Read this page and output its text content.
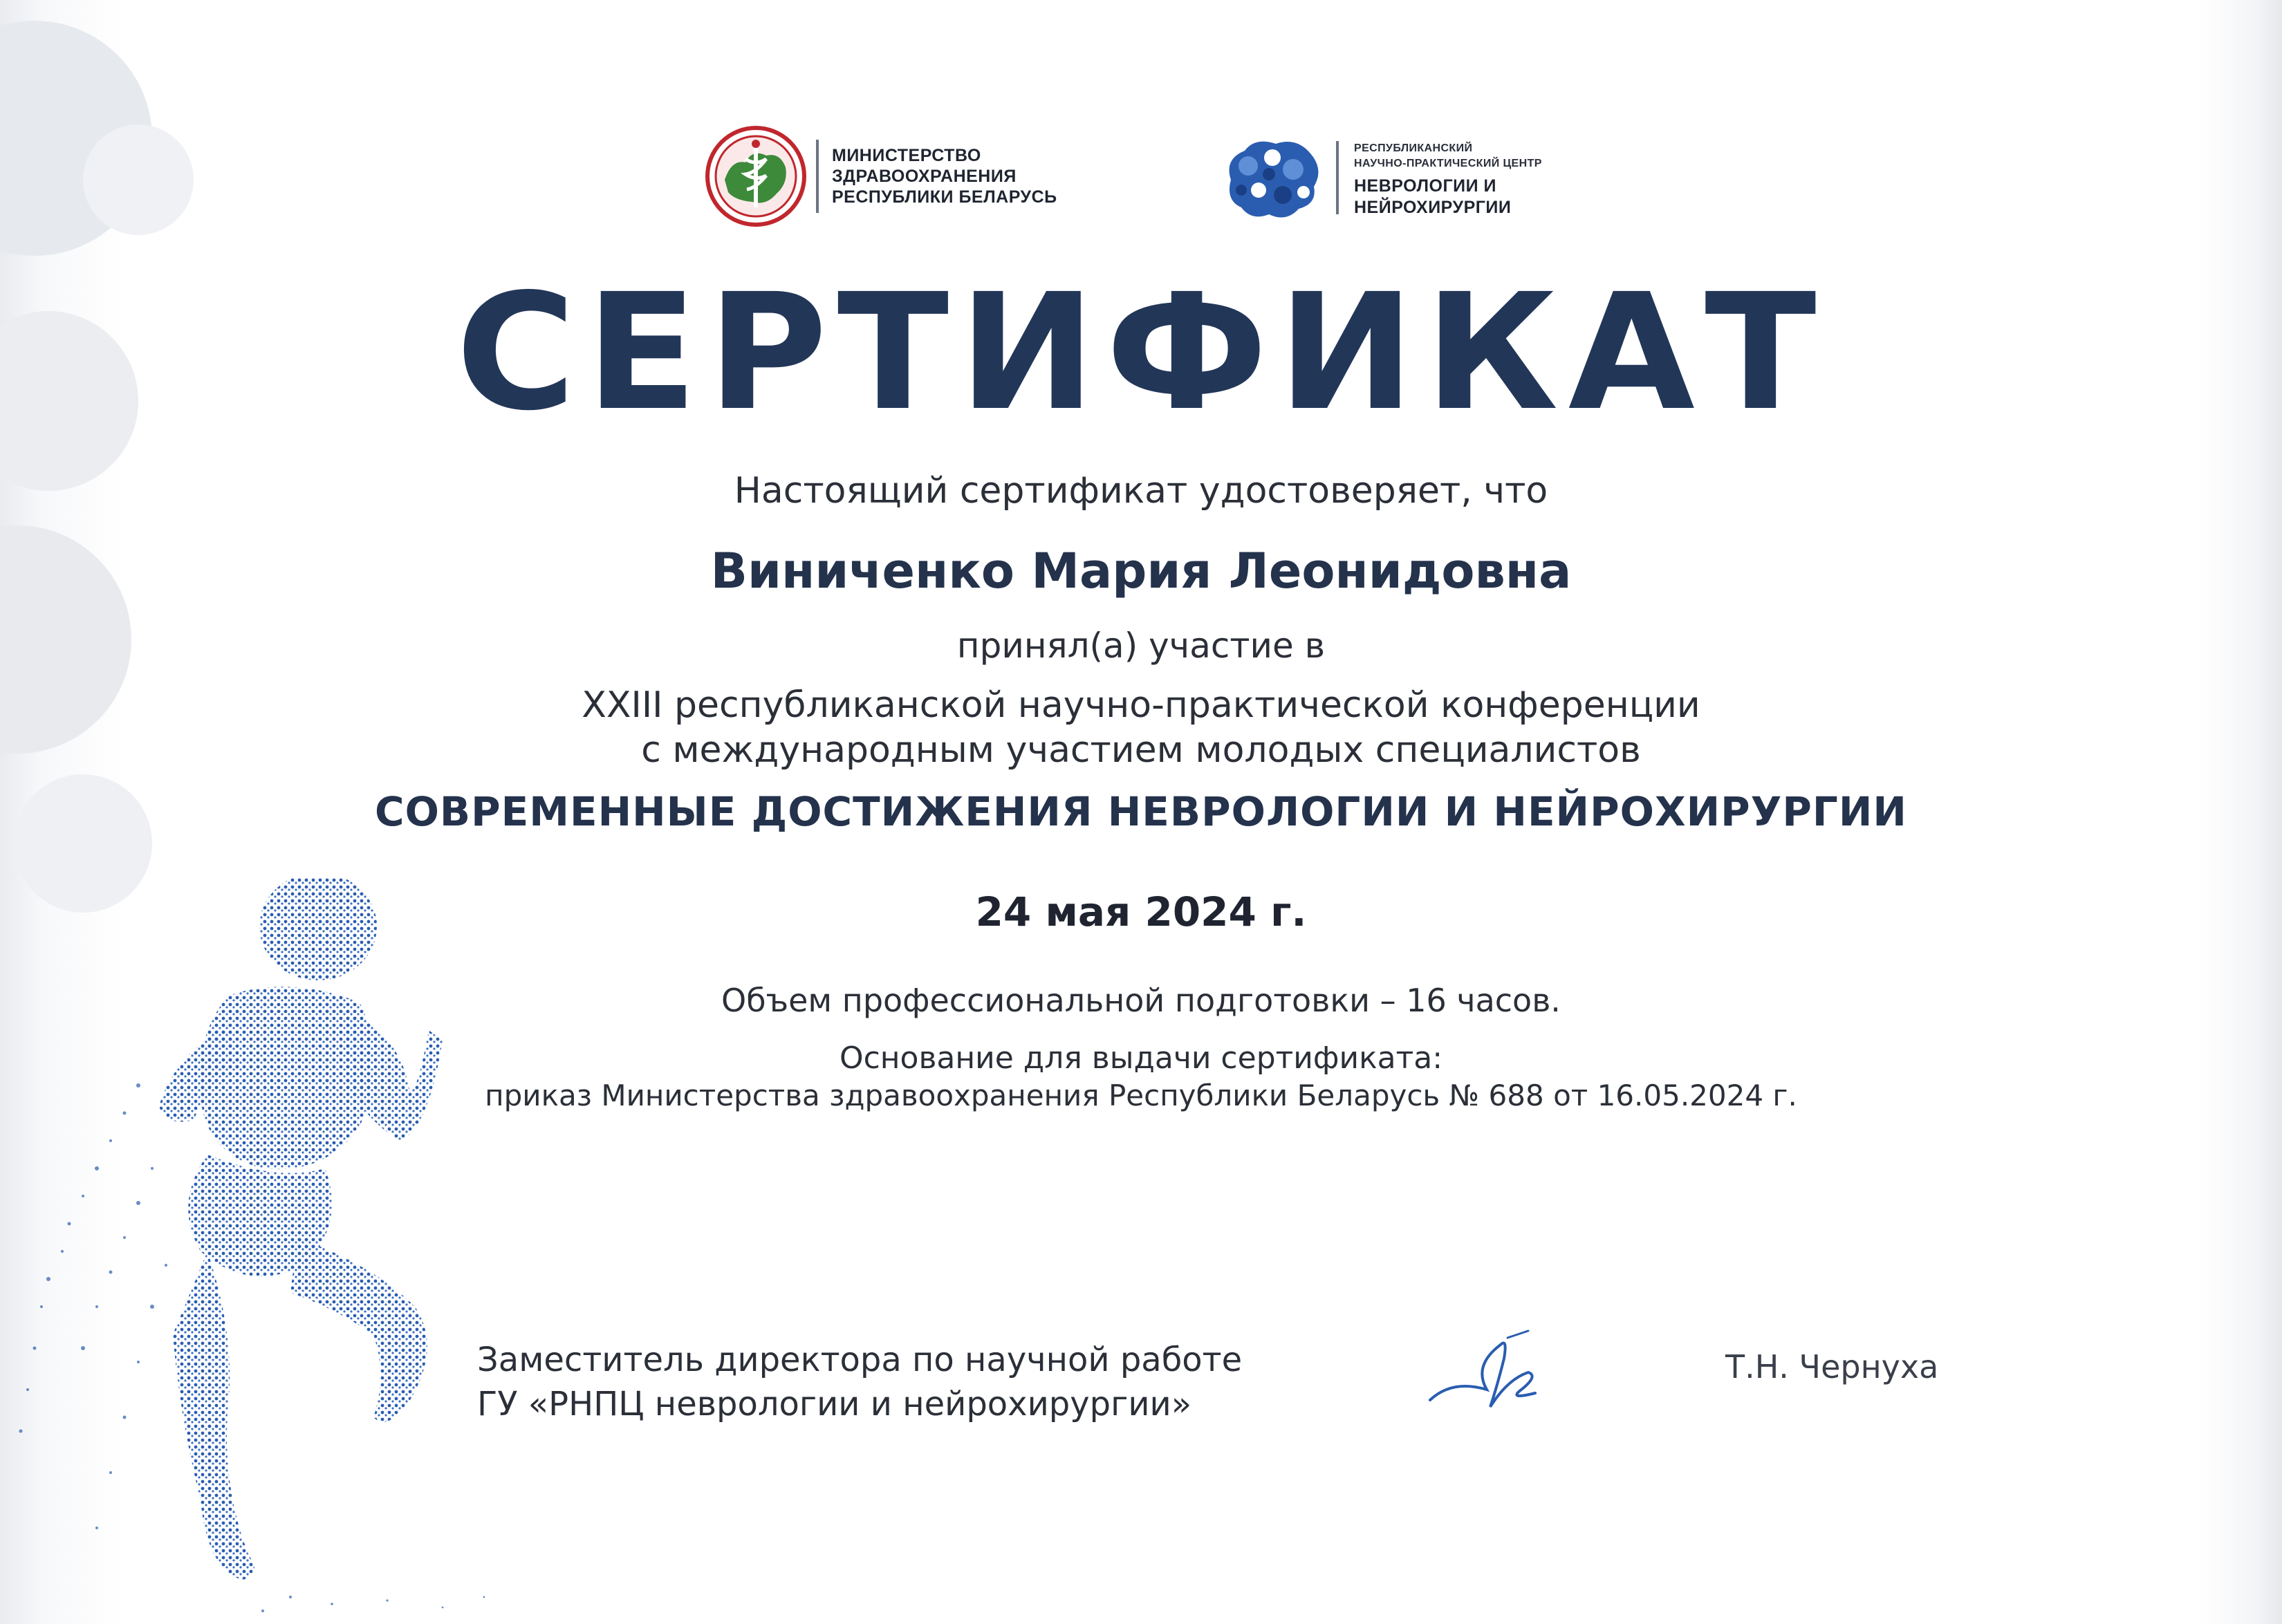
МИНИСТЕРСТВО
ЗДРАВООХРАНЕНИЯ
РЕСПУБЛИКИ БЕЛАРУСЬ
РЕСПУБЛИКАНСКИЙ
НАУЧНО-ПРАКТИЧЕСКИЙ ЦЕНТР
НЕВРОЛОГИИ И
НЕЙРОХИРУРГИИ
СЕРТИФИКАТ
Настоящий сертификат удостоверяет, что
Виниченко Мария Леонидовна
принял(а) участие в
XXIII республиканской научно-практической конференции
с международным участием молодых специалистов
СОВРЕМЕННЫЕ ДОСТИЖЕНИЯ НЕВРОЛОГИИ И НЕЙРОХИРУРГИИ
24 мая 2024 г.
Объем профессиональной подготовки – 16 часов.
Основание для выдачи сертификата:
приказ Министерства здравоохранения Республики Беларусь № 688 от 16.05.2024 г.
Заместитель директора по научной работе
ГУ «РНПЦ неврологии и нейрохирургии»
Т.Н. Чернуха
